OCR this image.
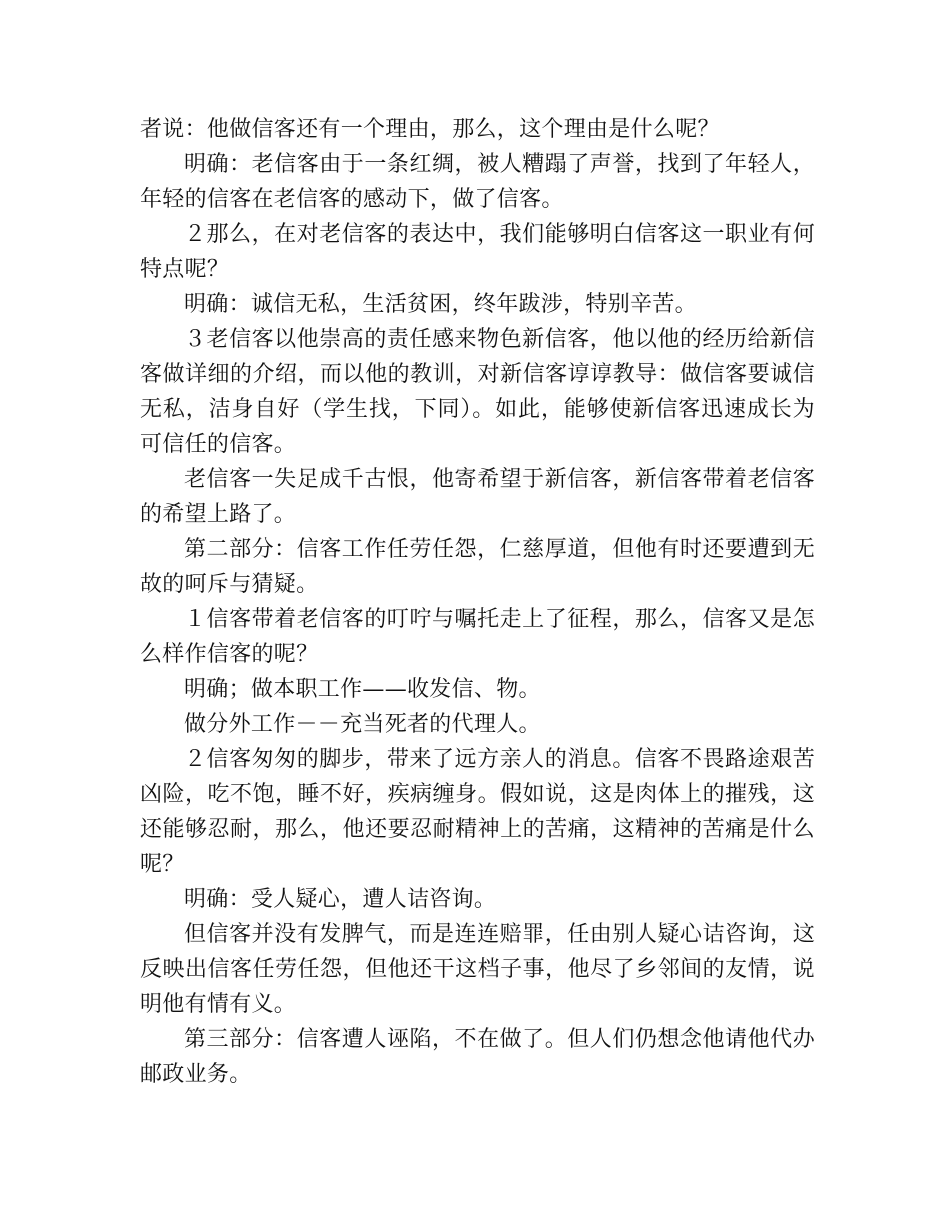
者说：他做信客还有一个理由，那么，这个理由是什么呢？

明确：老信客由于一条红绸，被人糟蹋了声誉，找到了年轻人，年轻的信客在老信客的感动下，做了信客。

２那么，在对老信客的表达中，我们能够明白信客这一职业有何特点呢？

明确：诚信无私，生活贫困，终年跋涉，特别辛苦。

３老信客以他崇高的责任感来物色新信客，他以他的经历给新信客做详细的介绍，而以他的教训，对新信客谆谆教导：做信客要诚信无私，洁身自好（学生找，下同）。如此，能够使新信客迅速成长为可信任的信客。

老信客一失足成千古恨，他寄希望于新信客，新信客带着老信客的希望上路了。

第二部分：信客工作任劳任怨，仁慈厚道，但他有时还要遭到无故的呵斥与猜疑。

１信客带着老信客的叮咛与嘱托走上了征程，那么，信客又是怎么样作信客的呢？

明确；做本职工作——收发信、物。

做分外工作－－充当死者的代理人。

２信客匆匆的脚步，带来了远方亲人的消息。信客不畏路途艰苦凶险，吃不饱，睡不好，疾病缠身。假如说，这是肉体上的摧残，这还能够忍耐，那么，他还要忍耐精神上的苦痛，这精神的苦痛是什么呢？

明确：受人疑心，遭人诘咨询。

但信客并没有发脾气，而是连连赔罪，任由别人疑心诘咨询，这反映出信客任劳任怨，但他还干这档子事，他尽了乡邻间的友情，说明他有情有义。

第三部分：信客遭人诬陷，不在做了。但人们仍想念他请他代办邮政业务。
